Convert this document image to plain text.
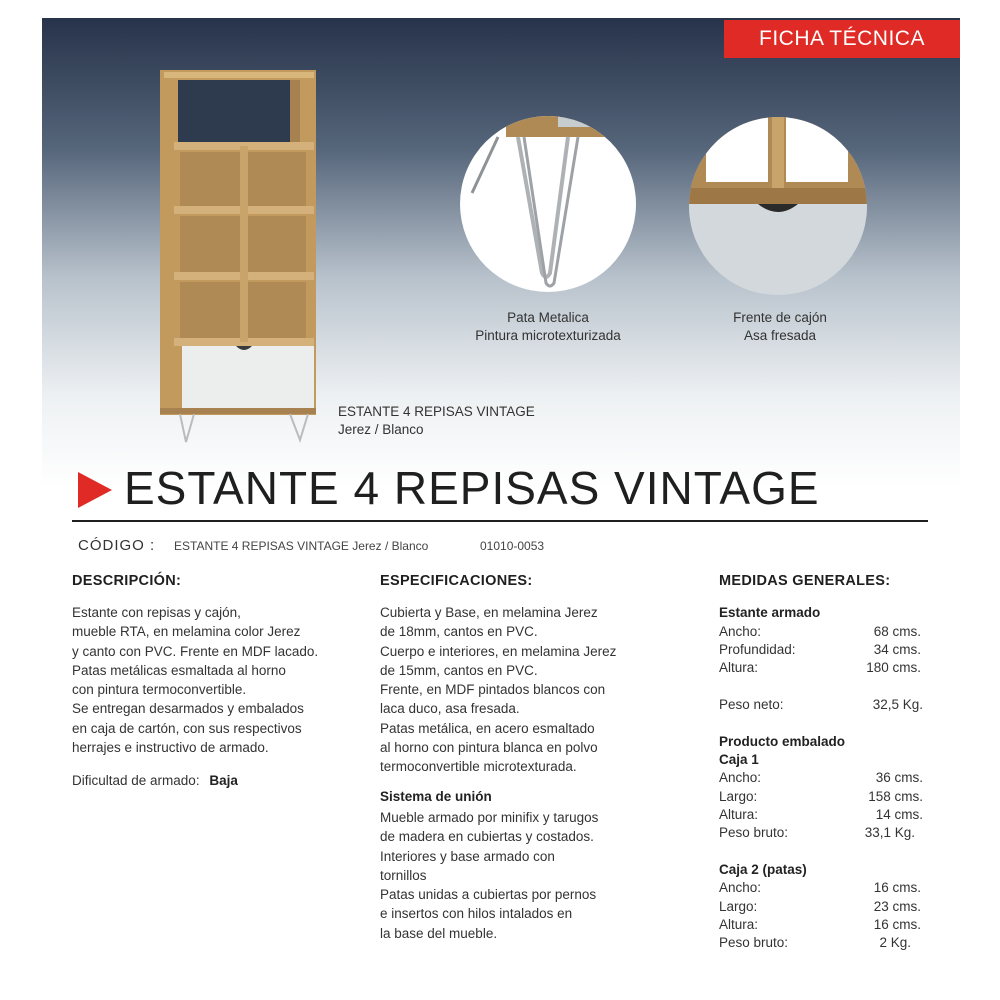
FICHA TÉCNICA
ESTANTE 4 REPISAS VINTAGE
Jerez / Blanco
Pata Metalica
Pintura microtexturizada
Frente de cajón
Asa fresada
ESTANTE 4 REPISAS VINTAGE
CÓDIGO : ESTANTE 4 REPISAS VINTAGE Jerez / Blanco	01010-0053
DESCRIPCIÓN:
Estante con repisas y cajón,
mueble RTA, en melamina color Jerez
y canto con PVC. Frente en MDF lacado.
Patas metálicas esmaltada al horno
con pintura termoconvertible.
Se entregan desarmados y embalados
en caja de cartón, con sus respectivos
herrajes e instructivo de armado.
Dificultad de armado: Baja
ESPECIFICACIONES:
Cubierta y Base, en melamina Jerez
de 18mm, cantos en PVC.
Cuerpo e interiores, en melamina Jerez
de 15mm, cantos en PVC.
Frente, en MDF pintados blancos con
laca duco, asa fresada.
Patas metálica, en acero esmaltado
al horno con pintura blanca en polvo
termoconvertible microtexturada.
Sistema de unión
Mueble armado por minifix y tarugos
de madera en cubiertas y costados.
Interiores y base armado con
tornillos
Patas unidas a cubiertas por pernos
e insertos con hilos intalados en
la base del mueble.
MEDIDAS GENERALES:
Estante armado
Ancho:	68 cms.
Profundidad:	34 cms.
Altura:	180 cms.
Peso neto:	32,5 Kg.
Producto embalado
Caja 1
Ancho:	36 cms.
Largo:	158 cms.
Altura:	14 cms.
Peso bruto:	33,1 Kg.
Caja 2 (patas)
Ancho:	16 cms.
Largo:	23 cms.
Altura:	16 cms.
Peso bruto:	2 Kg.
